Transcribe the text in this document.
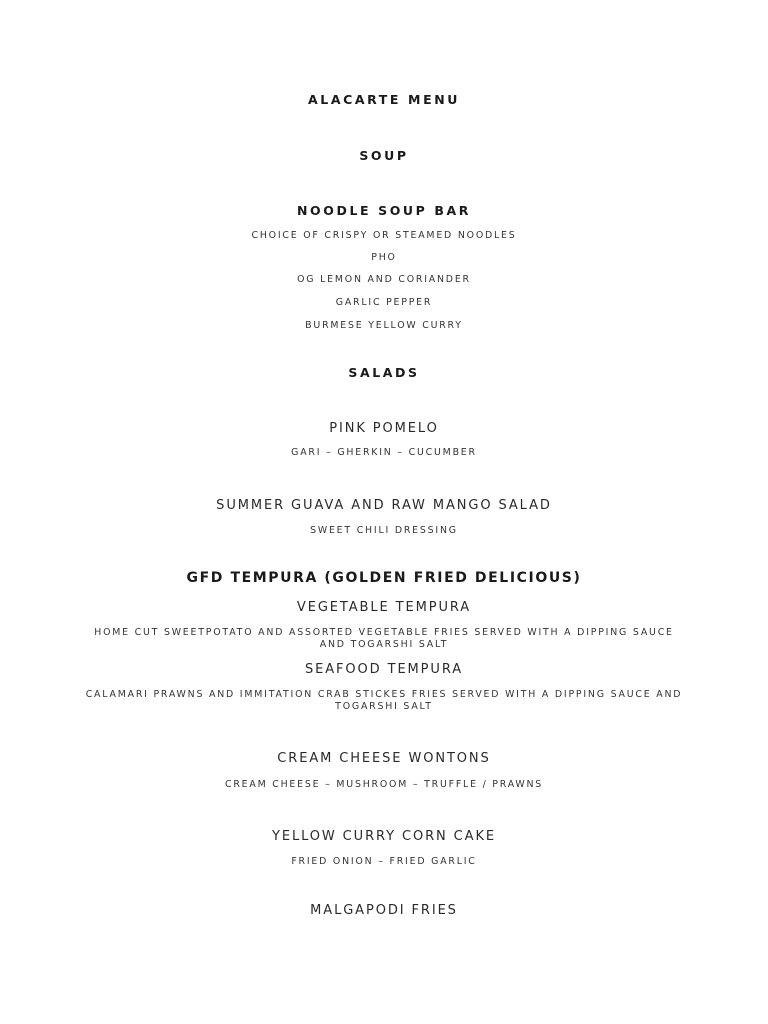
ALACARTE MENU
SOUP
NOODLE SOUP BAR
CHOICE OF CRISPY OR STEAMED NOODLES
PHO
OG LEMON AND CORIANDER
GARLIC PEPPER
BURMESE YELLOW CURRY
SALADS
PINK POMELO
GARI – GHERKIN – CUCUMBER
SUMMER GUAVA AND RAW MANGO SALAD
SWEET CHILI DRESSING
GFD TEMPURA (GOLDEN FRIED DELICIOUS)
VEGETABLE TEMPURA
HOME CUT SWEETPOTATO AND ASSORTED VEGETABLE FRIES SERVED WITH A DIPPING SAUCE AND TOGARSHI SALT
SEAFOOD TEMPURA
CALAMARI PRAWNS AND IMMITATION CRAB STICKES FRIES SERVED WITH A DIPPING SAUCE AND TOGARSHI SALT
CREAM CHEESE WONTONS
CREAM CHEESE – MUSHROOM – TRUFFLE / PRAWNS
YELLOW CURRY CORN CAKE
FRIED ONION – FRIED GARLIC
MALGAPODI FRIES
